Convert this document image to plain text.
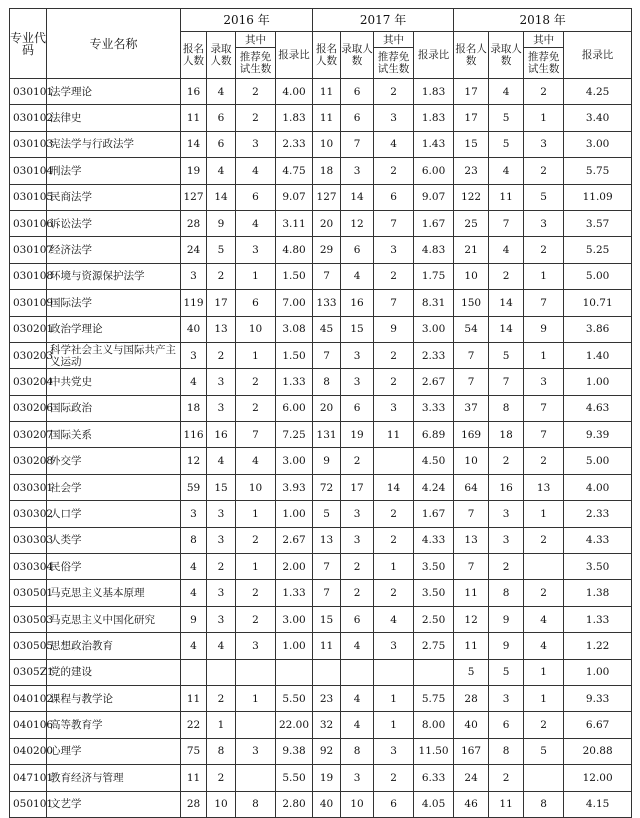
专业代码	专业名称	2016 年				2017 年				2018 年			
		报名人数	录取人数	其中	报录比	报名人数	录取人数	其中	报录比	报名人数	录取人数	其中	报录比
				推荐免试生数				推荐免试生数				推荐免试生数	
030101	法学理论	16	4	2	4.00	11	6	2	1.83	17	4	2	4.25
030102	法律史	11	6	2	1.83	11	6	3	1.83	17	5	1	3.40
030103	宪法学与行政法学	14	6	3	2.33	10	7	4	1.43	15	5	3	3.00
030104	刑法学	19	4	4	4.75	18	3	2	6.00	23	4	2	5.75
030105	民商法学	127	14	6	9.07	127	14	6	9.07	122	11	5	11.09
030106	诉讼法学	28	9	4	3.11	20	12	7	1.67	25	7	3	3.57
030107	经济法学	24	5	3	4.80	29	6	3	4.83	21	4	2	5.25
030108	环境与资源保护法学	3	2	1	1.50	7	4	2	1.75	10	2	1	5.00
030109	国际法学	119	17	6	7.00	133	16	7	8.31	150	14	7	10.71
030201	政治学理论	40	13	10	3.08	45	15	9	3.00	54	14	9	3.86
030203	科学社会主义与国际共产主义运动	3	2	1	1.50	7	3	2	2.33	7	5	1	1.40
030204	中共党史	4	3	2	1.33	8	3	2	2.67	7	7	3	1.00
030206	国际政治	18	3	2	6.00	20	6	3	3.33	37	8	7	4.63
030207	国际关系	116	16	7	7.25	131	19	11	6.89	169	18	7	9.39
030208	外交学	12	4	4	3.00	9	2		4.50	10	2	2	5.00
030301	社会学	59	15	10	3.93	72	17	14	4.24	64	16	13	4.00
030302	人口学	3	3	1	1.00	5	3	2	1.67	7	3	1	2.33
030303	人类学	8	3	2	2.67	13	3	2	4.33	13	3	2	4.33
030304	民俗学	4	2	1	2.00	7	2	1	3.50	7	2		3.50
030501	马克思主义基本原理	4	3	2	1.33	7	2	2	3.50	11	8	2	1.38
030503	马克思主义中国化研究	9	3	2	3.00	15	6	4	2.50	12	9	4	1.33
030505	思想政治教育	4	4	3	1.00	11	4	3	2.75	11	9	4	1.22
0305Z1	党的建设									5	5	1	1.00
040102	课程与教学论	11	2	1	5.50	23	4	1	5.75	28	3	1	9.33
040106	高等教育学	22	1		22.00	32	4	1	8.00	40	6	2	6.67
040200	心理学	75	8	3	9.38	92	8	3	11.50	167	8	5	20.88
047101	教育经济与管理	11	2		5.50	19	3	2	6.33	24	2		12.00
050101	文艺学	28	10	8	2.80	40	10	6	4.05	46	11	8	4.15
